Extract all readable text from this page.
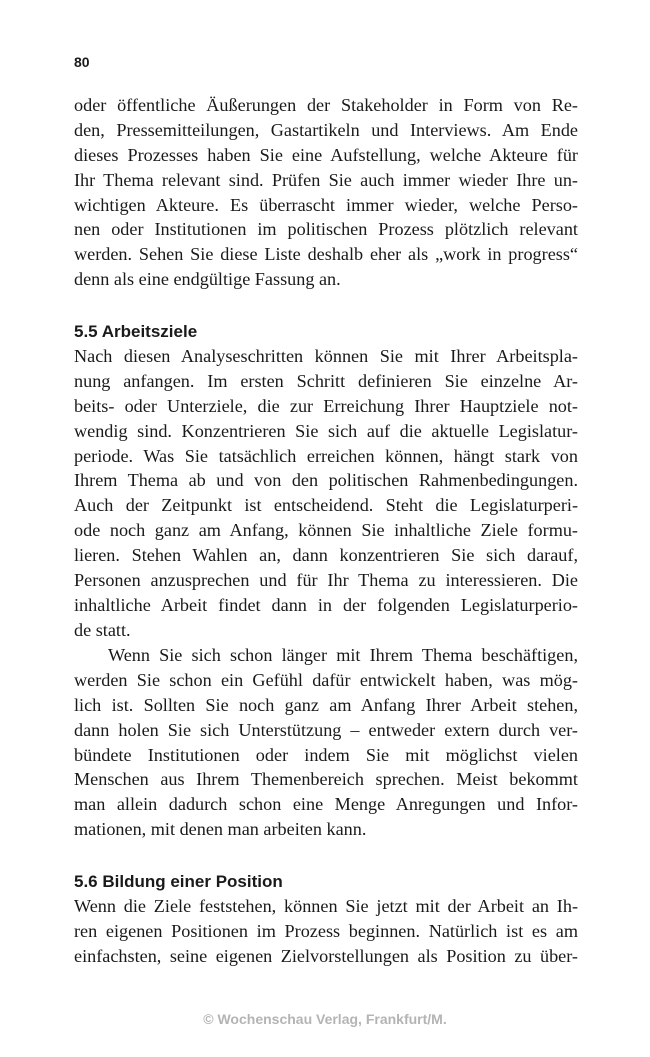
80
oder öffentliche Äußerungen der Stakeholder in Form von Re-
den, Pressemitteilungen, Gastartikeln und Interviews. Am Ende
dieses Prozesses haben Sie eine Aufstellung, welche Akteure für
Ihr Thema relevant sind. Prüfen Sie auch immer wieder Ihre un-
wichtigen Akteure. Es überrascht immer wieder, welche Perso-
nen oder Institutionen im politischen Prozess plötzlich relevant
werden. Sehen Sie diese Liste deshalb eher als „work in progress“
denn als eine endgültige Fassung an.
5.5 Arbeitsziele
Nach diesen Analyseschritten können Sie mit Ihrer Arbeitspla-
nung anfangen. Im ersten Schritt definieren Sie einzelne Ar-
beits- oder Unterziele, die zur Erreichung Ihrer Hauptziele not-
wendig sind. Konzentrieren Sie sich auf die aktuelle Legislatur-
periode. Was Sie tatsächlich erreichen können, hängt stark von
Ihrem Thema ab und von den politischen Rahmenbedingungen.
Auch der Zeitpunkt ist entscheidend. Steht die Legislaturperi-
ode noch ganz am Anfang, können Sie inhaltliche Ziele formu-
lieren. Stehen Wahlen an, dann konzentrieren Sie sich darauf,
Personen anzusprechen und für Ihr Thema zu interessieren. Die
inhaltliche Arbeit findet dann in der folgenden Legislaturperio-
de statt.
Wenn Sie sich schon länger mit Ihrem Thema beschäftigen,
werden Sie schon ein Gefühl dafür entwickelt haben, was mög-
lich ist. Sollten Sie noch ganz am Anfang Ihrer Arbeit stehen,
dann holen Sie sich Unterstützung – entweder extern durch ver-
bündete Institutionen oder indem Sie mit möglichst vielen
Menschen aus Ihrem Themenbereich sprechen. Meist bekommt
man allein dadurch schon eine Menge Anregungen und Infor-
mationen, mit denen man arbeiten kann.
5.6 Bildung einer Position
Wenn die Ziele feststehen, können Sie jetzt mit der Arbeit an Ih-
ren eigenen Positionen im Prozess beginnen. Natürlich ist es am
einfachsten, seine eigenen Zielvorstellungen als Position zu über-
© Wochenschau Verlag, Frankfurt/M.
